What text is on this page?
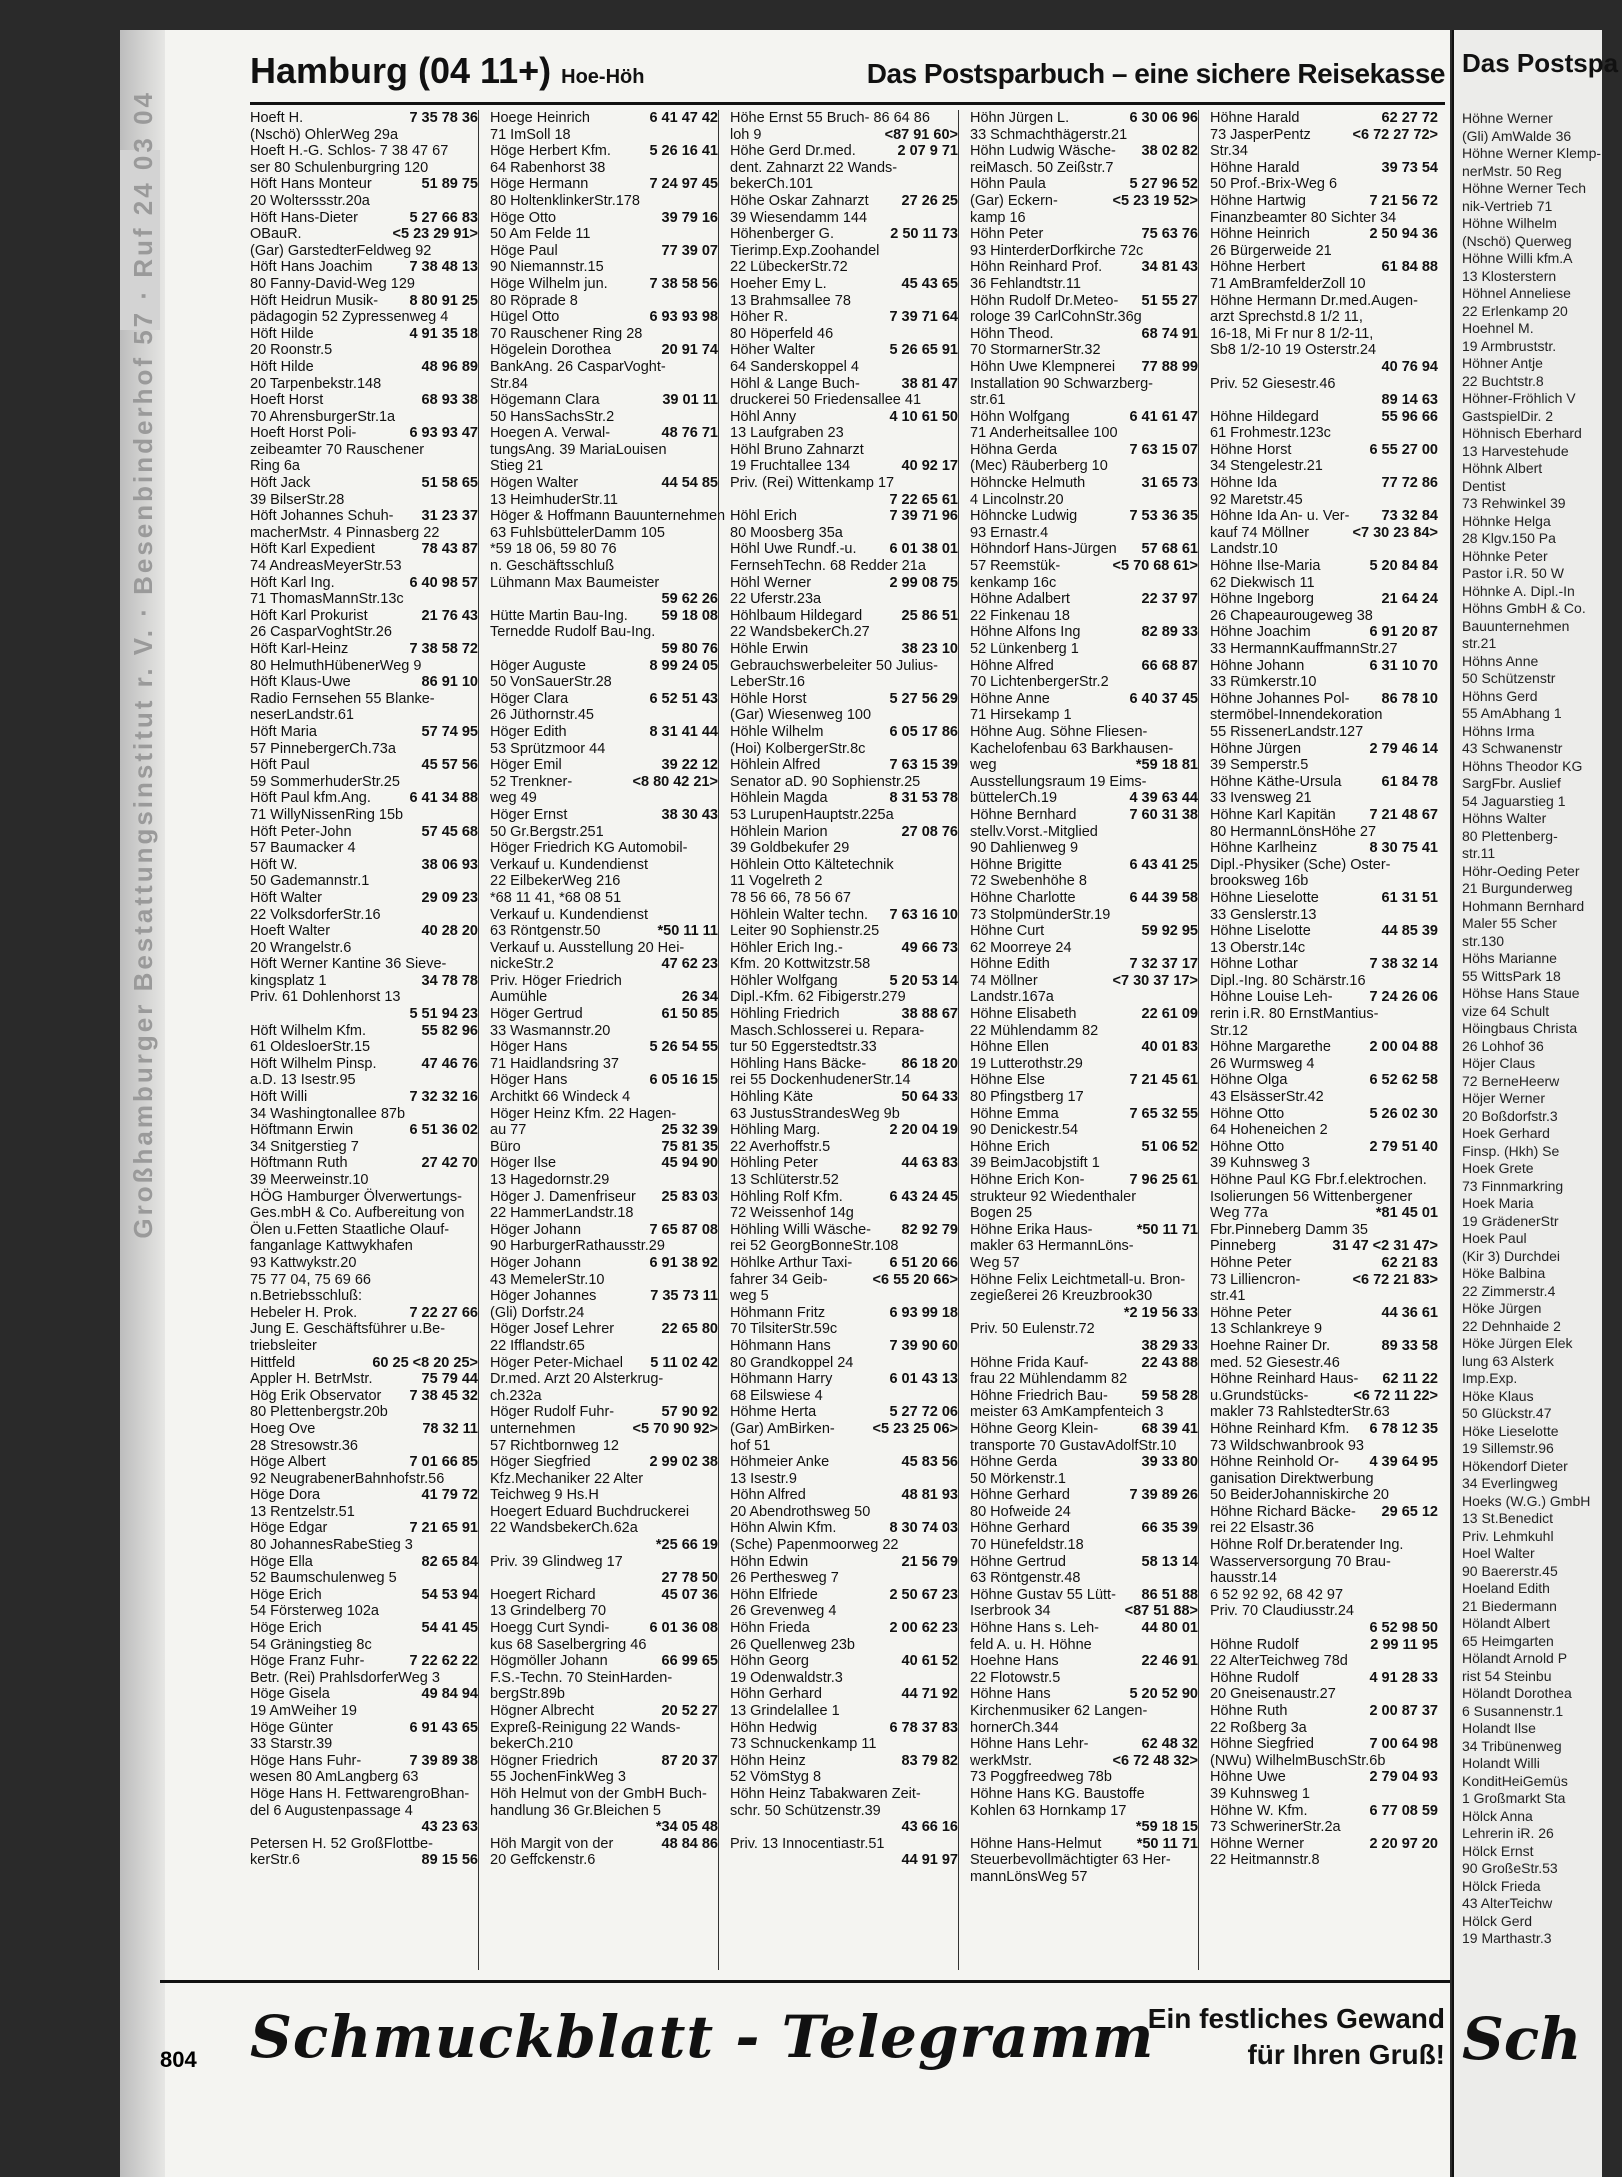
Großhamburger Bestattungsinstitut r. V. · Besenbinderhof 57 · Ruf 24 03 04
Hamburg (04 11+) Hoe-Höh	Das Postsparbuch – eine sichere Reisekasse
Hoeft H.	7 35 78 36
(Nschö) OhlerWeg 29a
Hoeft H.-G. Schlos- 7 38 47 67
ser 80 Schulenburgring 120
Höft Hans Monteur	51 89 75
20 Wolterssstr.20a
Höft Hans-Dieter	5 27 66 83
OBauR.	<5 23 29 91>
(Gar) GarstedterFeldweg 92
Höft Hans Joachim	7 38 48 13
80 Fanny-David-Weg 129
Höft Heidrun Musik- 8 80 91 25
pädagogin 52 Zypressenweg 4
Höft Hilde	4 91 35 18
20 Roonstr.5
Höft Hilde	48 96 89
20 Tarpenbekstr.148
Hoeft Horst	68 93 38
70 AhrensburgerStr.1a
Hoeft Horst Poli-	6 93 93 47
zeibeamter 70 Rauschener
Ring 6a
Höft Jack	51 58 65
39 BilserStr.28
Höft Johannes Schuh- 31 23 37
macherMstr. 4 Pinnasberg 22
Höft Karl Expedient	78 43 87
74 AndreasMeyerStr.53
Höft Karl Ing.	6 40 98 57
71 ThomasMannStr.13c
Höft Karl Prokurist	21 76 43
26 CasparVoghtStr.26
Höft Karl-Heinz	7 38 58 72
80 HelmuthHübenerWeg 9
Höft Klaus-Uwe	86 91 10
Radio Fernsehen 55 Blanke-
neserLandstr.61
Höft Maria	57 74 95
57 PinnebergerCh.73a
Höft Paul	45 57 56
59 SommerhuderStr.25
Höft Paul kfm.Ang.	6 41 34 88
71 WillyNissenRing 15b
Höft Peter-John	57 45 68
57 Baumacker 4
Höft W.	38 06 93
50 Gademannstr.1
Höft Walter	29 09 23
22 VolksdorferStr.16
Hoeft Walter	40 28 20
20 Wrangelstr.6
Höft Werner Kantine 36 Sieve-
kingsplatz 1	34 78 78
Priv. 61 Dohlenhorst 13
5 51 94 23
Höft Wilhelm Kfm.	55 82 96
61 OldesloerStr.15
Höft Wilhelm Pinsp.	47 46 76
a.D. 13 Isestr.95
Höft Willi	7 32 32 16
34 Washingtonallee 87b
Höftmann Erwin	6 51 36 02
34 Snitgerstieg 7
Höftmann Ruth	27 42 70
39 Meerweinstr.10
HÖG Hamburger Ölverwertungs-
Ges.mbH & Co. Aufbereitung von
Ölen u.Fetten Staatliche Olauf-
fanganlage Kattwykhafen
93 Kattwykstr.20
75 77 04, 75 69 66
n.Betriebsschluß:
Hebeler H. Prok.	7 22 27 66
Jung E. Geschäftsführer u.Be-
triebsleiter
Hittfeld	60 25 <8 20 25>
Appler H. BetrMstr.	75 79 44
Hög Erik Observator 7 38 45 32
80 Plettenbergstr.20b
Hoeg Ove	78 32 11
28 Stresowstr.36
Höge Albert	7 01 66 85
92 NeugrabenerBahnhofstr.56
Höge Dora	41 79 72
13 Rentzelstr.51
Höge Edgar	7 21 65 91
80 JohannesRabeStieg 3
Höge Ella	82 65 84
52 Baumschulenweg 5
Höge Erich	54 53 94
54 Försterweg 102a
Höge Erich	54 41 45
54 Gräningstieg 8c
Höge Franz Fuhr-	7 22 62 22
Betr. (Rei) PrahlsdorferWeg 3
Höge Gisela	49 84 94
19 AmWeiher 19
Höge Günter	6 91 43 65
33 Starstr.39
Höge Hans Fuhr-	7 39 89 38
wesen 80 AmLangberg 63
Höge Hans H. FettwarengroBhan-
del 6 Augustenpassage 4
43 23 63
Petersen H. 52 GroßFlottbe-
kerStr.6	89 15 56
Hoege Heinrich	6 41 47 42
71 ImSoll 18
Höge Herbert Kfm.	5 26 16 41
64 Rabenhorst 38
Höge Hermann	7 24 97 45
80 HoltenklinkerStr.178
Höge Otto	39 79 16
50 Am Felde 11
Höge Paul	77 39 07
90 Niemannstr.15
Höge Wilhelm jun.	7 38 58 56
80 Röprade 8
Hügel Otto	6 93 93 98
70 Rauschener Ring 28
Högelein Dorothea	20 91 74
BankAng. 26 CasparVoght-
Str.84
Högemann Clara	39 01 11
50 HansSachsStr.2
Hoegen A. Verwal-	48 76 71
tungsAng. 39 MariaLouisen
Stieg 21
Högen Walter	44 54 85
13 HeimhuderStr.11
Höger & Hoffmann Bauunternehmen
63 FuhlsbüttelerDamm 105
*59 18 06, 59 80 76
n. Geschäftsschluß
Lühmann Max Baumeister
59 62 26
Hütte Martin Bau-Ing. 59 18 08
Ternedde Rudolf Bau-Ing.
59 80 76
Höger Auguste	8 99 24 05
50 VonSauerStr.28
Höger Clara	6 52 51 43
26 Jüthornstr.45
Höger Edith	8 31 41 44
53 Sprützmoor 44
Höger Emil	39 22 12
52 Trenkner-	<8 80 42 21>
weg 49
Höger Ernst	38 30 43
50 Gr.Bergstr.251
Höger Friedrich KG Automobil-
Verkauf u. Kundendienst
22 EilbekerWeg 216
*68 11 41, *68 08 51
Verkauf u. Kundendienst
63 Röntgenstr.50	*50 11 11
Verkauf u. Ausstellung 20 Hei-
nickeStr.2	47 62 23
Priv. Höger Friedrich
Aumühle	26 34
Höger Gertrud	61 50 85
33 Wasmannstr.20
Höger Hans	5 26 54 55
71 Haidlandsring 37
Höger Hans	6 05 16 15
Architkt 66 Windeck 4
Höger Heinz Kfm. 22 Hagen-
au 77	25 32 39
Büro	75 81 35
Höger Ilse	45 94 90
13 Hagedornstr.29
Höger J. Damenfriseur 25 83 03
22 HammerLandstr.18
Höger Johann	7 65 87 08
90 HarburgerRathausstr.29
Höger Johann	6 91 38 92
43 MemelerStr.10
Höger Johannes	7 35 73 11
(Gli) Dorfstr.24
Höger Josef Lehrer	22 65 80
22 Ifflandstr.65
Höger Peter-Michael 5 11 02 42
Dr.med. Arzt 20 Alsterkrug-
ch.232a
Höger Rudolf Fuhr-	57 90 92
unternehmen	<5 70 90 92>
57 Richtbornweg 12
Höger Siegfried	2 99 02 38
Kfz.Mechaniker 22 Alter
Teichweg 9 Hs.H
Hoegert Eduard Buchdruckerei
22 WandsbekerCh.62a
*25 66 19
Priv. 39 Glindweg 17
27 78 50
Hoegert Richard	45 07 36
13 Grindelberg 70
Hoegg Curt Syndi-	6 01 36 08
kus 68 Saselbergring 46
Högmöller Johann	66 99 65
F.S.-Techn. 70 SteinHarden-
bergStr.89b
Högner Albrecht	20 52 27
Expreß-Reinigung 22 Wands-
bekerCh.210
Högner Friedrich	87 20 37
55 JochenFinkWeg 3
Höh Helmut von der GmbH Buch-
handlung 36 Gr.Bleichen 5
*34 05 48
Höh Margit von der	48 84 86
20 Geffckenstr.6
Höhe Ernst 55 Bruch- 86 64 86
loh 9	<87 91 60>
Höhe Gerd Dr.med.	2 07 9 71
dent. Zahnarzt 22 Wands-
bekerCh.101
Höhe Oskar Zahnarzt 27 26 25
39 Wiesendamm 144
Höhenberger G.	2 50 11 73
Tierimp.Exp.Zoohandel
22 LübeckerStr.72
Hoeher Emy L.	45 43 65
13 Brahmsallee 78
Höher R.	7 39 71 64
80 Höperfeld 46
Höher Walter	5 26 65 91
64 Sanderskoppel 4
Höhl & Lange Buch-	38 81 47
druckerei 50 Friedensallee 41
Höhl Anny	4 10 61 50
13 Laufgraben 23
Höhl Bruno Zahnarzt
19 Fruchtallee 134	40 92 17
Priv. (Rei) Wittenkamp 17
7 22 65 61
Höhl Erich	7 39 71 96
80 Moosberg 35a
Höhl Uwe Rundf.-u. 6 01 38 01
FernsehTechn. 68 Redder 21a
Höhl Werner	2 99 08 75
22 Uferstr.23a
Höhlbaum Hildegard	25 86 51
22 WandsbekerCh.27
Höhle Erwin	38 23 10
Gebrauchswerbeleiter 50 Julius-
LeberStr.16
Höhle Horst	5 27 56 29
(Gar) Wiesenweg 100
Höhle Wilhelm	6 05 17 86
(Hoi) KolbergerStr.8c
Höhlein Alfred	7 63 15 39
Senator aD. 90 Sophienstr.25
Höhlein Magda	8 31 53 78
53 LurupenHauptstr.225a
Höhlein Marion	27 08 76
39 Goldbekufer 29
Höhlein Otto Kältetechnik
11 Vogelreth 2
78 56 66, 78 56 67
Höhlein Walter techn. 7 63 16 10
Leiter 90 Sophienstr.25
Höhler Erich Ing.-	49 66 73
Kfm. 20 Kottwitzstr.58
Höhler Wolfgang	5 20 53 14
Dipl.-Kfm. 62 Fibigerstr.279
Höhling Friedrich	38 88 67
Masch.Schlosserei u. Repara-
tur 50 Eggerstedtstr.33
Höhling Hans Bäcke- 86 18 20
rei 55 DockenhudenerStr.14
Höhling Käte	50 64 33
63 JustusStrandesWeg 9b
Höhling Marg.	2 20 04 19
22 Averhoffstr.5
Höhling Peter	44 63 83
13 Schlüterstr.52
Höhling Rolf Kfm.	6 43 24 45
72 Weissenhof 14g
Höhling Willi Wäsche- 82 92 79
rei 52 GeorgBonneStr.108
Höhlke Arthur Taxi-	6 51 20 66
fahrer 34 Geib-	<6 55 20 66>
weg 5
Höhmann Fritz	6 93 99 18
70 TilsiterStr.59c
Höhmann Hans	7 39 90 60
80 Grandkoppel 24
Höhmann Harry	6 01 43 13
68 Eilswiese 4
Höhme Herta	5 27 72 06
(Gar) AmBirken-	<5 23 25 06>
hof 51
Höhmeier Anke	45 83 56
13 Isestr.9
Höhn Alfred	48 81 93
20 Abendrothsweg 50
Höhn Alwin Kfm.	8 30 74 03
(Sche) Papenmoorweg 22
Höhn Edwin	21 56 79
26 Perthesweg 7
Höhn Elfriede	2 50 67 23
26 Grevenweg 4
Höhn Frieda	2 00 62 23
26 Quellenweg 23b
Höhn Georg	40 61 52
19 Odenwaldstr.3
Höhn Gerhard	44 71 92
13 Grindelallee 1
Höhn Hedwig	6 78 37 83
73 Schnuckenkamp 11
Höhn Heinz	83 79 82
52 VömStyg 8
Höhn Heinz Tabakwaren Zeit-
schr. 50 Schützenstr.39
43 66 16
Priv. 13 Innocentiastr.51
44 91 97
Höhn Jürgen L.	6 30 06 96
33 Schmachthägerstr.21
Höhn Ludwig Wäsche- 38 02 82
reiMasch. 50 Zeißstr.7
Höhn Paula	5 27 96 52
(Gar) Eckern-	<5 23 19 52>
kamp 16
Höhn Peter	75 63 76
93 HinterderDorfkirche 72c
Höhn Reinhard Prof.	34 81 43
36 Fehlandtstr.11
Höhn Rudolf Dr.Meteo- 51 55 27
rologe 39 CarlCohnStr.36g
Höhn Theod.	68 74 91
70 StormarnerStr.32
Höhn Uwe Klempnerei 77 88 99
Installation 90 Schwarzberg-
str.61
Höhn Wolfgang	6 41 61 47
71 Anderheitsallee 100
Höhna Gerda	7 63 15 07
(Mec) Räuberberg 10
Höhncke Helmuth	31 65 73
4 Lincolnstr.20
Höhncke Ludwig	7 53 36 35
93 Ernastr.4
Höhndorf Hans-Jürgen 57 68 61
57 Reemstük-	<5 70 68 61>
kenkamp 16c
Höhne Adalbert	22 37 97
22 Finkenau 18
Höhne Alfons Ing	82 89 33
52 Lünkenberg 1
Höhne Alfred	66 68 87
70 LichtenbergerStr.2
Höhne Anne	6 40 37 45
71 Hirsekamp 1
Höhne Aug. Söhne Fliesen-
Kachelofenbau 63 Barkhausen-
weg	*59 18 81
Ausstellungsraum 19 Eims-
büttelerCh.19	4 39 63 44
Höhne Bernhard	7 60 31 38
stellv.Vorst.-Mitglied
90 Dahlienweg 9
Höhne Brigitte	6 43 41 25
72 Swebenhöhe 8
Höhne Charlotte	6 44 39 58
73 StolpmünderStr.19
Höhne Curt	59 92 95
62 Moorreye 24
Höhne Edith	7 32 37 17
74 Möllner	<7 30 37 17>
Landstr.167a
Höhne Elisabeth	22 61 09
22 Mühlendamm 82
Höhne Ellen	40 01 83
19 Lutterothstr.29
Höhne Else	7 21 45 61
80 Pfingstberg 17
Höhne Emma	7 65 32 55
90 Denickestr.54
Höhne Erich	51 06 52
39 BeimJacobjstift 1
Höhne Erich Kon-	7 96 25 61
strukteur 92 Wiedenthaler
Bogen 25
Höhne Erika Haus-	*50 11 71
makler 63 HermannLöns-
Weg 57
Höhne Felix Leichtmetall-u. Bron-
zegießerei 26 Kreuzbrook30
*2 19 56 33
Priv. 50 Eulenstr.72
38 29 33
Höhne Frida Kauf-	22 43 88
frau 22 Mühlendamm 82
Höhne Friedrich Bau- 59 58 28
meister 63 AmKampfenteich 3
Höhne Georg Klein-	68 39 41
transporte 70 GustavAdolfStr.10
Höhne Gerda	39 33 80
50 Mörkenstr.1
Höhne Gerhard	7 39 89 26
80 Hofweide 24
Höhne Gerhard	66 35 39
70 Hünefeldstr.18
Höhne Gertrud	58 13 14
63 Röntgenstr.48
Höhne Gustav 55 Lütt- 86 51 88
Iserbrook 34	<87 51 88>
Höhne Hans s. Leh-	44 80 01
feld A. u. H. Höhne
Hoehne Hans	22 46 91
22 Flotowstr.5
Höhne Hans	5 20 52 90
Kirchenmusiker 62 Langen-
hornerCh.344
Höhne Hans Lehr-	62 48 32
werkMstr.	<6 72 48 32>
73 Poggfreedweg 78b
Höhne Hans KG. Baustoffe
Kohlen 63 Hornkamp 17
*59 18 15
Höhne Hans-Helmut *50 11 71
Steuerbevollmächtigter 63 Her-
mannLönsWeg 57
Höhne Harald	62 27 72
73 JasperPentz	<6 72 27 72>
Str.34
Höhne Harald	39 73 54
50 Prof.-Brix-Weg 6
Höhne Hartwig	7 21 56 72
Finanzbeamter 80 Sichter 34
Höhne Heinrich	2 50 94 36
26 Bürgerweide 21
Höhne Herbert	61 84 88
71 AmBramfelderZoll 10
Höhne Hermann Dr.med.Augen-
arzt Sprechstd.8 1/2 11,
16-18, Mi Fr nur 8 1/2-11,
Sb8 1/2-10 19 Osterstr.24
40 76 94
Priv. 52 Giesestr.46
89 14 63
Höhne Hildegard	55 96 66
61 Frohmestr.123c
Höhne Horst	6 55 27 00
34 Stengelestr.21
Höhne Ida	77 72 86
92 Maretstr.45
Höhne Ida An- u. Ver- 73 32 84
kauf 74 Möllner	<7 30 23 84>
Landstr.10
Höhne Ilse-Maria	5 20 84 84
62 Diekwisch 11
Höhne Ingeborg	21 64 24
26 Chapeaurougeweg 38
Höhne Joachim	6 91 20 87
33 HermannKauffmannStr.27
Höhne Johann	6 31 10 70
33 Rümkerstr.10
Höhne Johannes Pol- 86 78 10
stermöbel-Innendekoration
55 RissenerLandstr.127
Höhne Jürgen	2 79 46 14
39 Semperstr.5
Höhne Käthe-Ursula	61 84 78
33 Ivensweg 21
Höhne Karl Kapitän 7 21 48 67
80 HermannLönsHöhe 27
Höhne Karlheinz	8 30 75 41
Dipl.-Physiker (Sche) Oster-
brooksweg 16b
Höhne Lieselotte	61 31 51
33 Genslerstr.13
Höhne Liselotte	44 85 39
13 Oberstr.14c
Höhne Lothar	7 38 32 14
Dipl.-Ing. 80 Schärstr.16
Höhne Louise Leh-	7 24 26 06
rerin i.R. 80 ErnstMantius-
Str.12
Höhne Margarethe	2 00 04 88
26 Wurmsweg 4
Höhne Olga	6 52 62 58
43 ElsässerStr.42
Höhne Otto	5 26 02 30
64 Hoheneichen 2
Höhne Otto	2 79 51 40
39 Kuhnsweg 3
Höhne Paul KG Fbr.f.elektrochen.
Isolierungen 56 Wittenbergener
Weg 77a	*81 45 01
Fbr.Pinneberg Damm 35
Pinneberg	31 47 <2 31 47>
Höhne Peter	62 21 83
73 Lilliencron-	<6 72 21 83>
str.41
Höhne Peter	44 36 61
13 Schlankreye 9
Hoehne Rainer Dr.	89 33 58
med. 52 Giesestr.46
Höhne Reinhard Haus- 62 11 22
u.Grundstücks-	<6 72 11 22>
makler 73 RahlstedterStr.63
Höhne Reinhard Kfm. 6 78 12 35
73 Wildschwanbrook 93
Höhne Reinhold Or- 4 39 64 95
ganisation Direktwerbung
50 BeiderJohanniskirche 20
Höhne Richard Bäcke- 29 65 12
rei 22 Elsastr.36
Höhne Rolf Dr.beratender Ing.
Wasserversorgung 70 Brau-
hausstr.14
6 52 92 92, 68 42 97
Priv. 70 Claudiusstr.24
6 52 98 50
Höhne Rudolf	2 99 11 95
22 AlterTeichweg 78d
Höhne Rudolf	4 91 28 33
20 Gneisenaustr.27
Höhne Ruth	2 00 87 37
22 Roßberg 3a
Höhne Siegfried	7 00 64 98
(NWu) WilhelmBuschStr.6b
Höhne Uwe	2 79 04 93
39 Kuhnsweg 1
Höhne W. Kfm.	6 77 08 59
73 SchwerinerStr.2a
Höhne Werner	2 20 97 20
22 Heitmannstr.8
804 Schmuckblatt - Telegramm
Ein festliches Gewand
für Ihren Gruß!
Das Postspa
Höhne Werner
(Gli) AmWalde 36
Höhne Werner Klemp-
nerMstr. 50 Reg
Höhne Werner Tech
nik-Vertrieb 71
Höhne Wilhelm
(Nschö) Querweg
Höhne Willi kfm.A
13 Klosterstern
Höhnel Anneliese
22 Erlenkamp 20
Hoehnel M.
19 Armbruststr.
Höhner Antje
22 Buchtstr.8
Höhner-Fröhlich V
GastspielDir. 2
Höhnisch Eberhard
13 Harvestehude
Höhnk Albert
Dentist
73 Rehwinkel 39
Höhnke Helga
28 Klgv.150 Pa
Höhnke Peter
Pastor i.R. 50 W
Höhnke A. Dipl.-In
Höhns GmbH & Co.
Bauunternehmen
str.21
Höhns Anne
50 Schützenstr
Höhns Gerd
55 AmAbhang 1
Höhns Irma
43 Schwanenstr
Höhns Theodor KG
SargFbr. Auslief
54 Jaguarstieg 1
Höhns Walter
80 Plettenberg-
str.11
Höhr-Oeding Peter
21 Burgunderweg
Hohmann Bernhard
Maler 55 Scher
str.130
Höhs Marianne
55 WittsPark 18
Höhse Hans Staue
vize 64 Schult
Höingbaus Christa
26 Lohhof 36
Höjer Claus
72 BerneHeerw
Höjer Werner
20 Boßdorfstr.3
Hoek Gerhard
Finsp. (Hkh) Se
Hoek Grete
73 Finnmarkring
Hoek Maria
19 GrädenerStr
Hoek Paul
(Kir 3) Durchdei
Höke Balbina
22 Zimmerstr.4
Höke Jürgen
22 Dehnhaide 2
Höke Jürgen Elek
lung 63 Alsterk
Imp.Exp.
Höke Klaus
50 Glückstr.47
Höke Lieselotte
19 Sillemstr.96
Hökendorf Dieter
34 Everlingweg
Hoeks (W.G.) GmbH
13 St.Benedict
Priv. Lehmkuhl
Hoel Walter
90 Baererstr.45
Hoeland Edith
21 Biedermann
Hölandt Albert
65 Heimgarten
Hölandt Arnold P
rist 54 Steinbu
Hölandt Dorothea
6 Susannenstr.1
Holandt Ilse
34 Tribünenweg
Holandt Willi
KonditHeiGemüs
1 Großmarkt Sta
Hölck Anna
Lehrerin iR. 26
Hölck Ernst
90 GroßeStr.53
Hölck Frieda
43 AlterTeichw
Hölck Gerd
19 Marthastr.3
Sch
